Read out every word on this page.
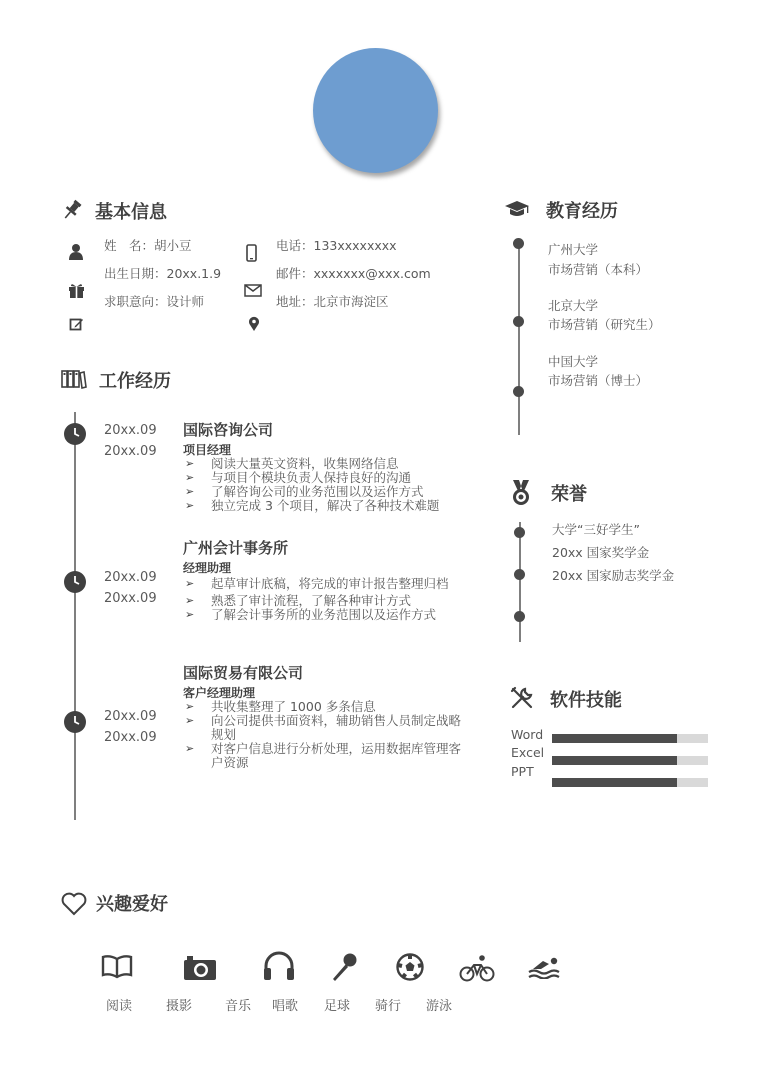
基本信息
姓　名：胡小豆
出生日期：20xx.1.9
求职意向：设计师
电话：133xxxxxxxx
邮件：xxxxxxx@xxx.com
地址：北京市海淀区
工作经历
20xx.09
20xx.09
国际咨询公司
项目经理
➢ 阅读大量英文资料，收集网络信息
➢ 与项目个模块负责人保持良好的沟通
➢ 了解咨询公司的业务范围以及运作方式
➢ 独立完成 3 个项目，解决了各种技术难题
20xx.09
20xx.09
广州会计事务所
经理助理
➢ 起草审计底稿，将完成的审计报告整理归档
➢ 熟悉了审计流程，了解各种审计方式
➢ 了解会计事务所的业务范围以及运作方式
20xx.09
20xx.09
国际贸易有限公司
客户经理助理
➢ 共收集整理了 1000 多条信息
➢ 向公司提供书面资料，辅助销售人员制定战略规划
➢ 对客户信息进行分析处理，运用数据库管理客户资源
教育经历
广州大学
市场营销（本科）
北京大学
市场营销（研究生）
中国大学
市场营销（博士）
荣誉
大学“三好学生”
20xx 国家奖学金
20xx 国家励志奖学金
软件技能
Word
Excel
PPT
兴趣爱好
阅读	摄影	音乐	唱歌	足球	骑行	游泳
